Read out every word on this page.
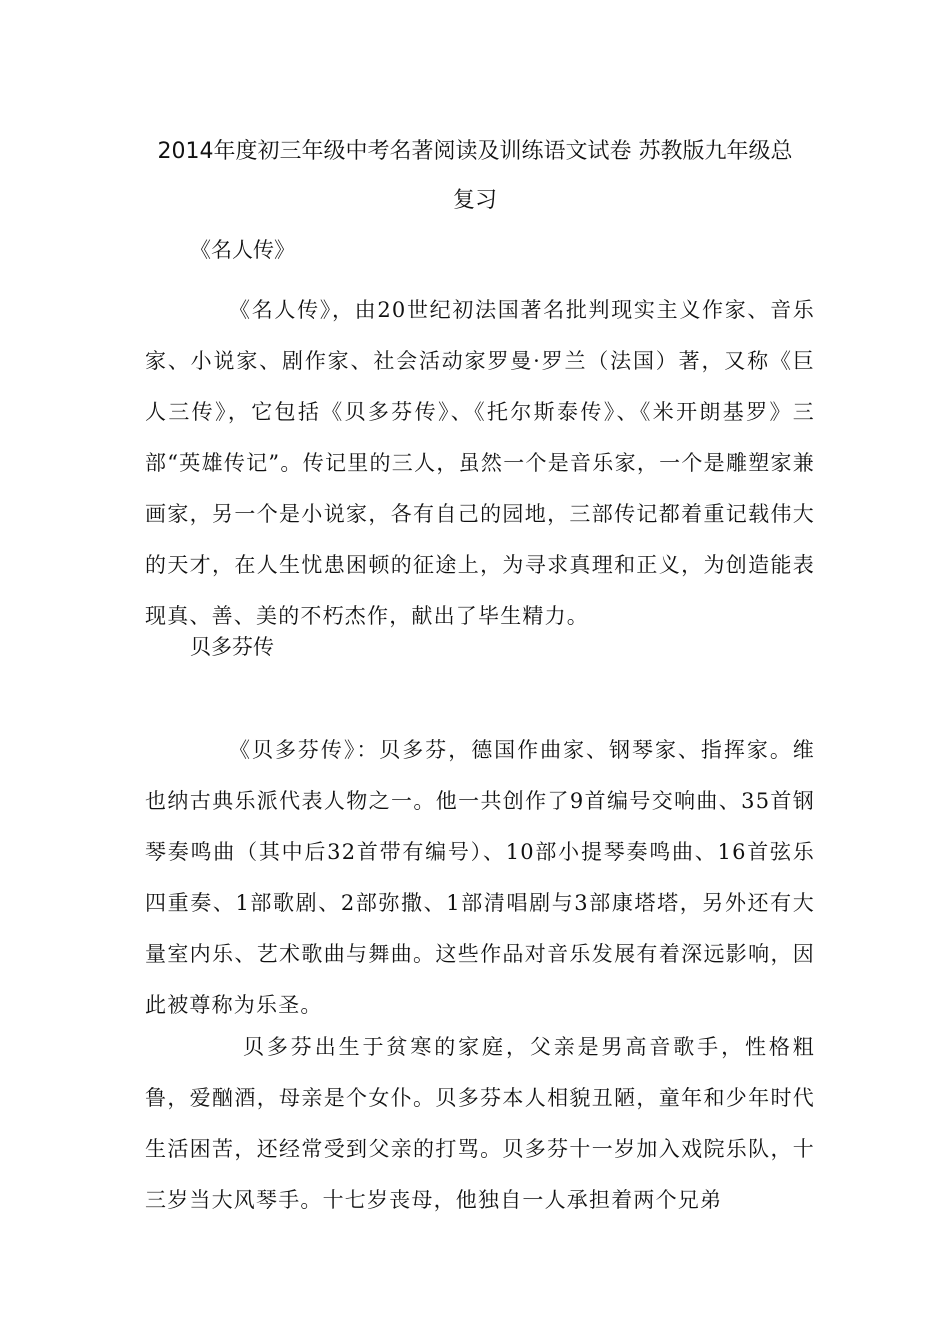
2014年度初三年级中考名著阅读及训练语文试卷 苏教版九年级总
复习
《名人传》
《名人传》，由20世纪初法国著名批判现实主义作家、音乐家、小说家、剧作家、社会活动家罗曼·罗兰（法国）著，又称《巨人三传》，它包括《贝多芬传》、《托尔斯泰传》、《米开朗基罗》三部“英雄传记”。传记里的三人，虽然一个是音乐家，一个是雕塑家兼画家，另一个是小说家，各有自己的园地，三部传记都着重记载伟大的天才，在人生忧患困顿的征途上，为寻求真理和正义，为创造能表现真、善、美的不朽杰作，献出了毕生精力。
贝多芬传
《贝多芬传》：贝多芬，德国作曲家、钢琴家、指挥家。维也纳古典乐派代表人物之一。他一共创作了9首编号交响曲、35首钢琴奏鸣曲（其中后32首带有编号）、10部小提琴奏鸣曲、16首弦乐四重奏、1部歌剧、2部弥撒、1部清唱剧与3部康塔塔，另外还有大量室内乐、艺术歌曲与舞曲。这些作品对音乐发展有着深远影响，因此被尊称为乐圣。
贝多芬出生于贫寒的家庭，父亲是男高音歌手，性格粗鲁，爱酗酒，母亲是个女仆。贝多芬本人相貌丑陋，童年和少年时代生活困苦，还经常受到父亲的打骂。贝多芬十一岁加入戏院乐队，十三岁当大风琴手。十七岁丧母，他独自一人承担着两个兄弟
